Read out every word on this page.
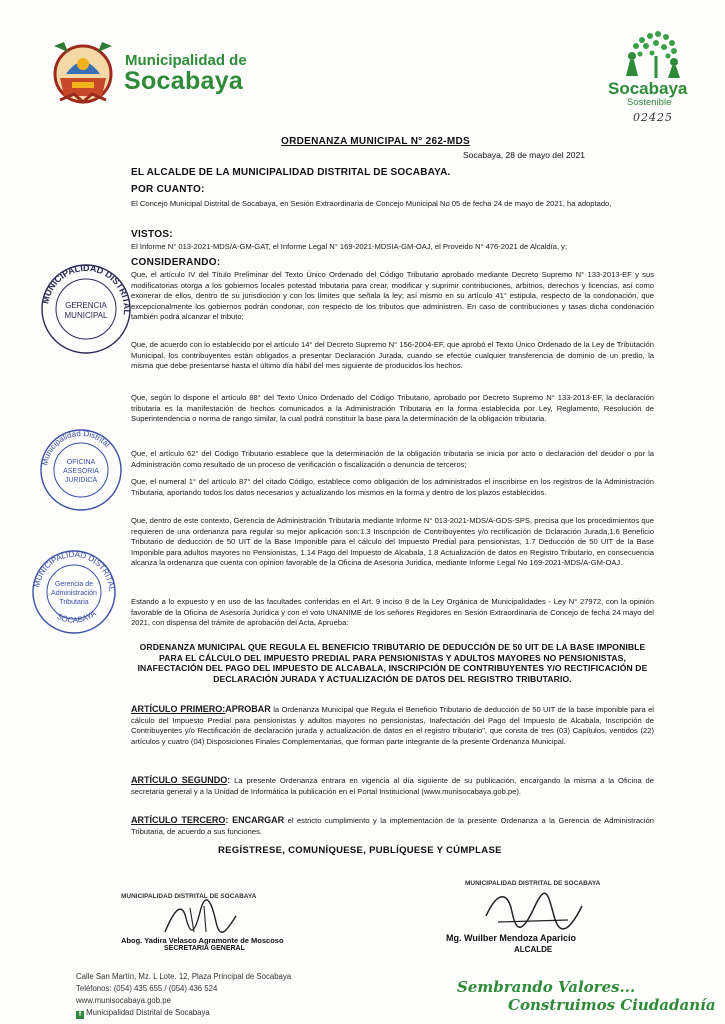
Municipalidad de
Socabaya	Socabaya
Sostenible
02425
ORDENANZA MUNICIPAL N° 262-MDS
Socabaya, 28 de mayo del 2021
EL ALCALDE DE LA MUNICIPALIDAD DISTRITAL DE SOCABAYA.
POR CUANTO:
El Concejo Municipal Distrital de Socabaya, en Sesión Extraordinaria de Concejo Municipal No 05 de fecha 24 de mayo de 2021, ha adoptado,
VISTOS:
El Informe N° 013-2021-MDS/A-GM-GAT, el Informe Legal N° 169-2021-MDSIA-GM-OAJ, el Proveido N° 476-2021 de Alcaldía, y;
CONSIDERANDO:
Que, el artículo IV del Título Preliminar del Texto Único Ordenado del Código Tributario aprobado mediante Decreto Supremo N° 133-2013-EF y sus modificatorias otorga a los gobiernos locales potestad tributaria para crear, modificar y suprimir contribuciones, arbitrios, derechos y licencias, así como exonerar de ellos, dentro de su jurisdicción y con los límites que señala la ley; así mismo en su artículo 41° estipula, respecto de la condonación, que excepcionalmente los gobiernos podrán condonar, con respecto de los tributos que administren. En caso de contribuciones y tasas dicha condonación también podrá alcanzar el tributo;
Que, de acuerdo con lo establecido por el artículo 14° del Decreto Supremo N° 156-2004-EF, que aprobó el Texto Único Ordenado de la Ley de Tributación Municipal, los contribuyentes están obligados a presentar Declaración Jurada, cuando se efectúe cualquier transferencia de dominio de un predio, la misma que debe presentarse hasta el último día hábil del mes siguiente de producidos los hechos.
Que, según lo dispone el artículo 88° del Texto Único Ordenado del Código Tributario, aprobado por Decreto Supremo N° 133-2013-EF, la declaración tributaria es la manifestación de hechos comunicados a la Administración Tributaria en la forma establecida por Ley, Reglamento, Resolución de Superintendencia o norma de rango similar, la cual podrá constituir la base para la determinación de la obligación tributaria.
Que, el artículo 62° del Código Tributario establece que la determinación de la obligación tributaria se inicia por acto o declaración del deudor o por la Administración como resultado de un proceso de verificación o fiscalización o denuncia de terceros;
Que, el numeral 1° del artículo 87° del citado Código, establece como obligación de los administrados el inscribirse en los registros de la Administración Tributaria, aportando todos los datos necesarios y actualizando los mismos en la forma y dentro de los plazos establecidos.
Que, dentro de este contexto, Gerencia de Administración Tributaria mediante Informe N° 013-2021-MDS/A-GDS-SPS, precisa que los procedimientos que requieren de una ordenanza para regular su mejor aplicación son:1.3 Inscripción de Contribuyentes y/o rectificación de Dclaración Jurada,1.6 Beneficio Tributario de deducción de 50 UIT de la Base Imponible para el cálculo del Impuesto Predial para pensionistas, 1.7 Deducción de 50 UIT de la Base Imponible para adultos mayores no Pensionistas, 1.14 Pago del Impuesto de Alcabala, 1.8 Actualización de datos en Registro Tributario, en consecuencia alcanza la ordenanza que cuenta con opinion favorable de la Oficina de Asesoria Juridica, mediante Informe Legal No 169-2021-MDS/A-GM-OAJ.
Estando a lo expuesto y en uso de las facultades conferidas en el Art. 9 inciso 8 de la Ley Orgánica de Municipalidades - Ley N° 27972, con la opinión favorable de la Oficina de Asesoría Jurídica y con el voto UNANIME de los señores Regidores en Sesión Extraordinaria de Concejo de fecha 24 mayo del 2021, con dispensa del trámite de aprobación del Acta, Aprueba:
ORDENANZA MUNICIPAL QUE REGULA EL BENEFICIO TRIBUTARIO DE DEDUCCIÓN DE 50 UIT DE LA BASE IMPONIBLE PARA EL CÁLCULO DEL IMPUESTO PREDIAL PARA PENSIONISTAS Y ADULTOS MAYORES NO PENSIONISTAS, INAFECTACIÓN DEL PAGO DEL IMPUESTO DE ALCABALA, INSCRIPCIÓN DE CONTRIBUYENTES Y/O RECTIFICACIÓN DE DECLARACIÓN JURADA Y ACTUALIZACIÓN DE DATOS DEL REGISTRO TRIBUTARIO.
ARTÍCULO PRIMERO:APROBAR la Ordenanza Municipal que Regula el Beneficio Tributario de deducción de 50 UIT de la base imponible para el cálculo del Impuesto Predial para pensionistas y adultos mayores no pensionistas, Inafectación del Pago del Impuesto de Alcabala, Inscripción de Contribuyentes y/o Rectificación de declaración jurada y actualización de datos en el registro tributario", que consta de tres (03) Capítulos, ventidos (22) artículos y cuatro (04) Disposiciones Finales Complementarias, que forman parte integrante de la presente Ordenanza Municipal.
ARTÍCULO SEGUNDO: La presente Ordenanza entrara en vigencia al día siguiente de su publicación, encargando la misma a la Oficina de secretaria general y a la Unidad de Informática la publicación en el Portal Institucional (www.munisocabaya.gob.pe).
ARTÍCULO TERCERO: ENCARGAR el estricto cumplimiento y la implementación de la presente Ordenanza a la Gerencia de Administración Tributaria, de acuerdo a sus funciones.
REGÍSTRESE, COMUNÍQUESE, PUBLÍQUESE Y CÚMPLASE
MUNICIPALIDAD DISTRITAL
GERENCIA
MUNICIPAL
Municipalidad Distrital
OFICINA
ASESORIA
JURIDICA
MUNICIPALIDAD DISTRITAL
SOCABAYA
Gerencia de
Administración
Tributaria
MUNICIPALIDAD DISTRITAL DE SOCABAYA
Abog. Yadira Velasco Agramonte de Moscoso
SECRETARIA GENERAL
MUNICIPALIDAD DISTRITAL DE SOCABAYA
Mg. Wuilber Mendoza Aparicio
ALCALDE
Calle San Martín, Mz. L Lote. 12, Plaza Principal de Socabaya
Teléfonos: (054) 435 655 / (054) 436 524
www.munisocabaya.gob.pe
f Municipalidad Distrital de Socabaya
Sembrando Valores...
Construimos Ciudadanía
